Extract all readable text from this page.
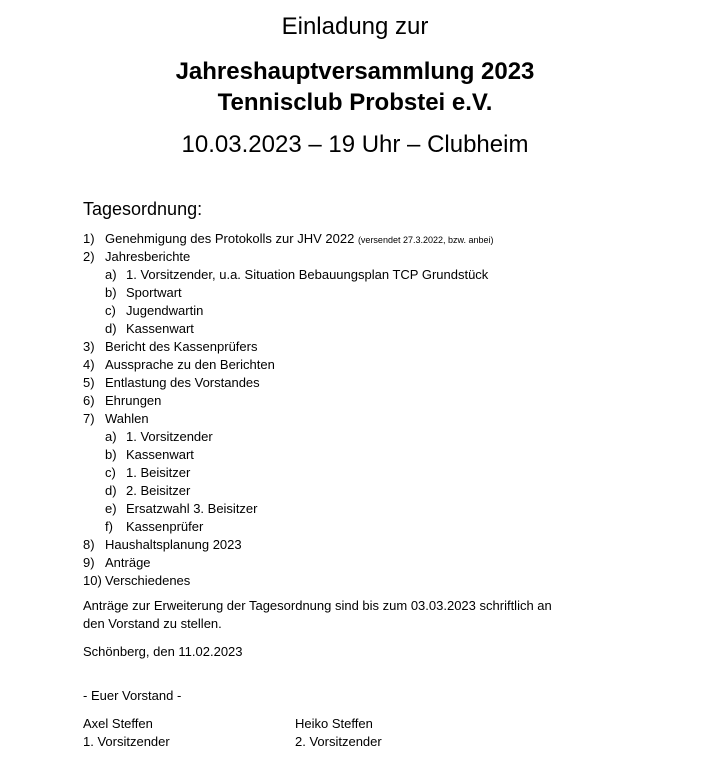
Einladung zur
Jahreshauptversammlung 2023
Tennisclub Probstei e.V.
10.03.2023 – 19 Uhr – Clubheim
Tagesordnung:
1) Genehmigung des Protokolls zur JHV 2022 (versendet 27.3.2022, bzw. anbei)
2) Jahresberichte
a) 1. Vorsitzender, u.a. Situation Bebauungsplan TCP Grundstück
b) Sportwart
c) Jugendwartin
d) Kassenwart
3) Bericht des Kassenprüfers
4) Aussprache zu den Berichten
5) Entlastung des Vorstandes
6) Ehrungen
7) Wahlen
a) 1. Vorsitzender
b) Kassenwart
c) 1. Beisitzer
d) 2. Beisitzer
e) Ersatzwahl 3. Beisitzer
f) Kassenprüfer
8) Haushaltsplanung 2023
9) Anträge
10) Verschiedenes
Anträge zur Erweiterung der Tagesordnung sind bis zum 03.03.2023 schriftlich an
den Vorstand zu stellen.
Schönberg, den 11.02.2023
- Euer Vorstand -
Axel Steffen
1. Vorsitzender
Heiko Steffen
2. Vorsitzender
